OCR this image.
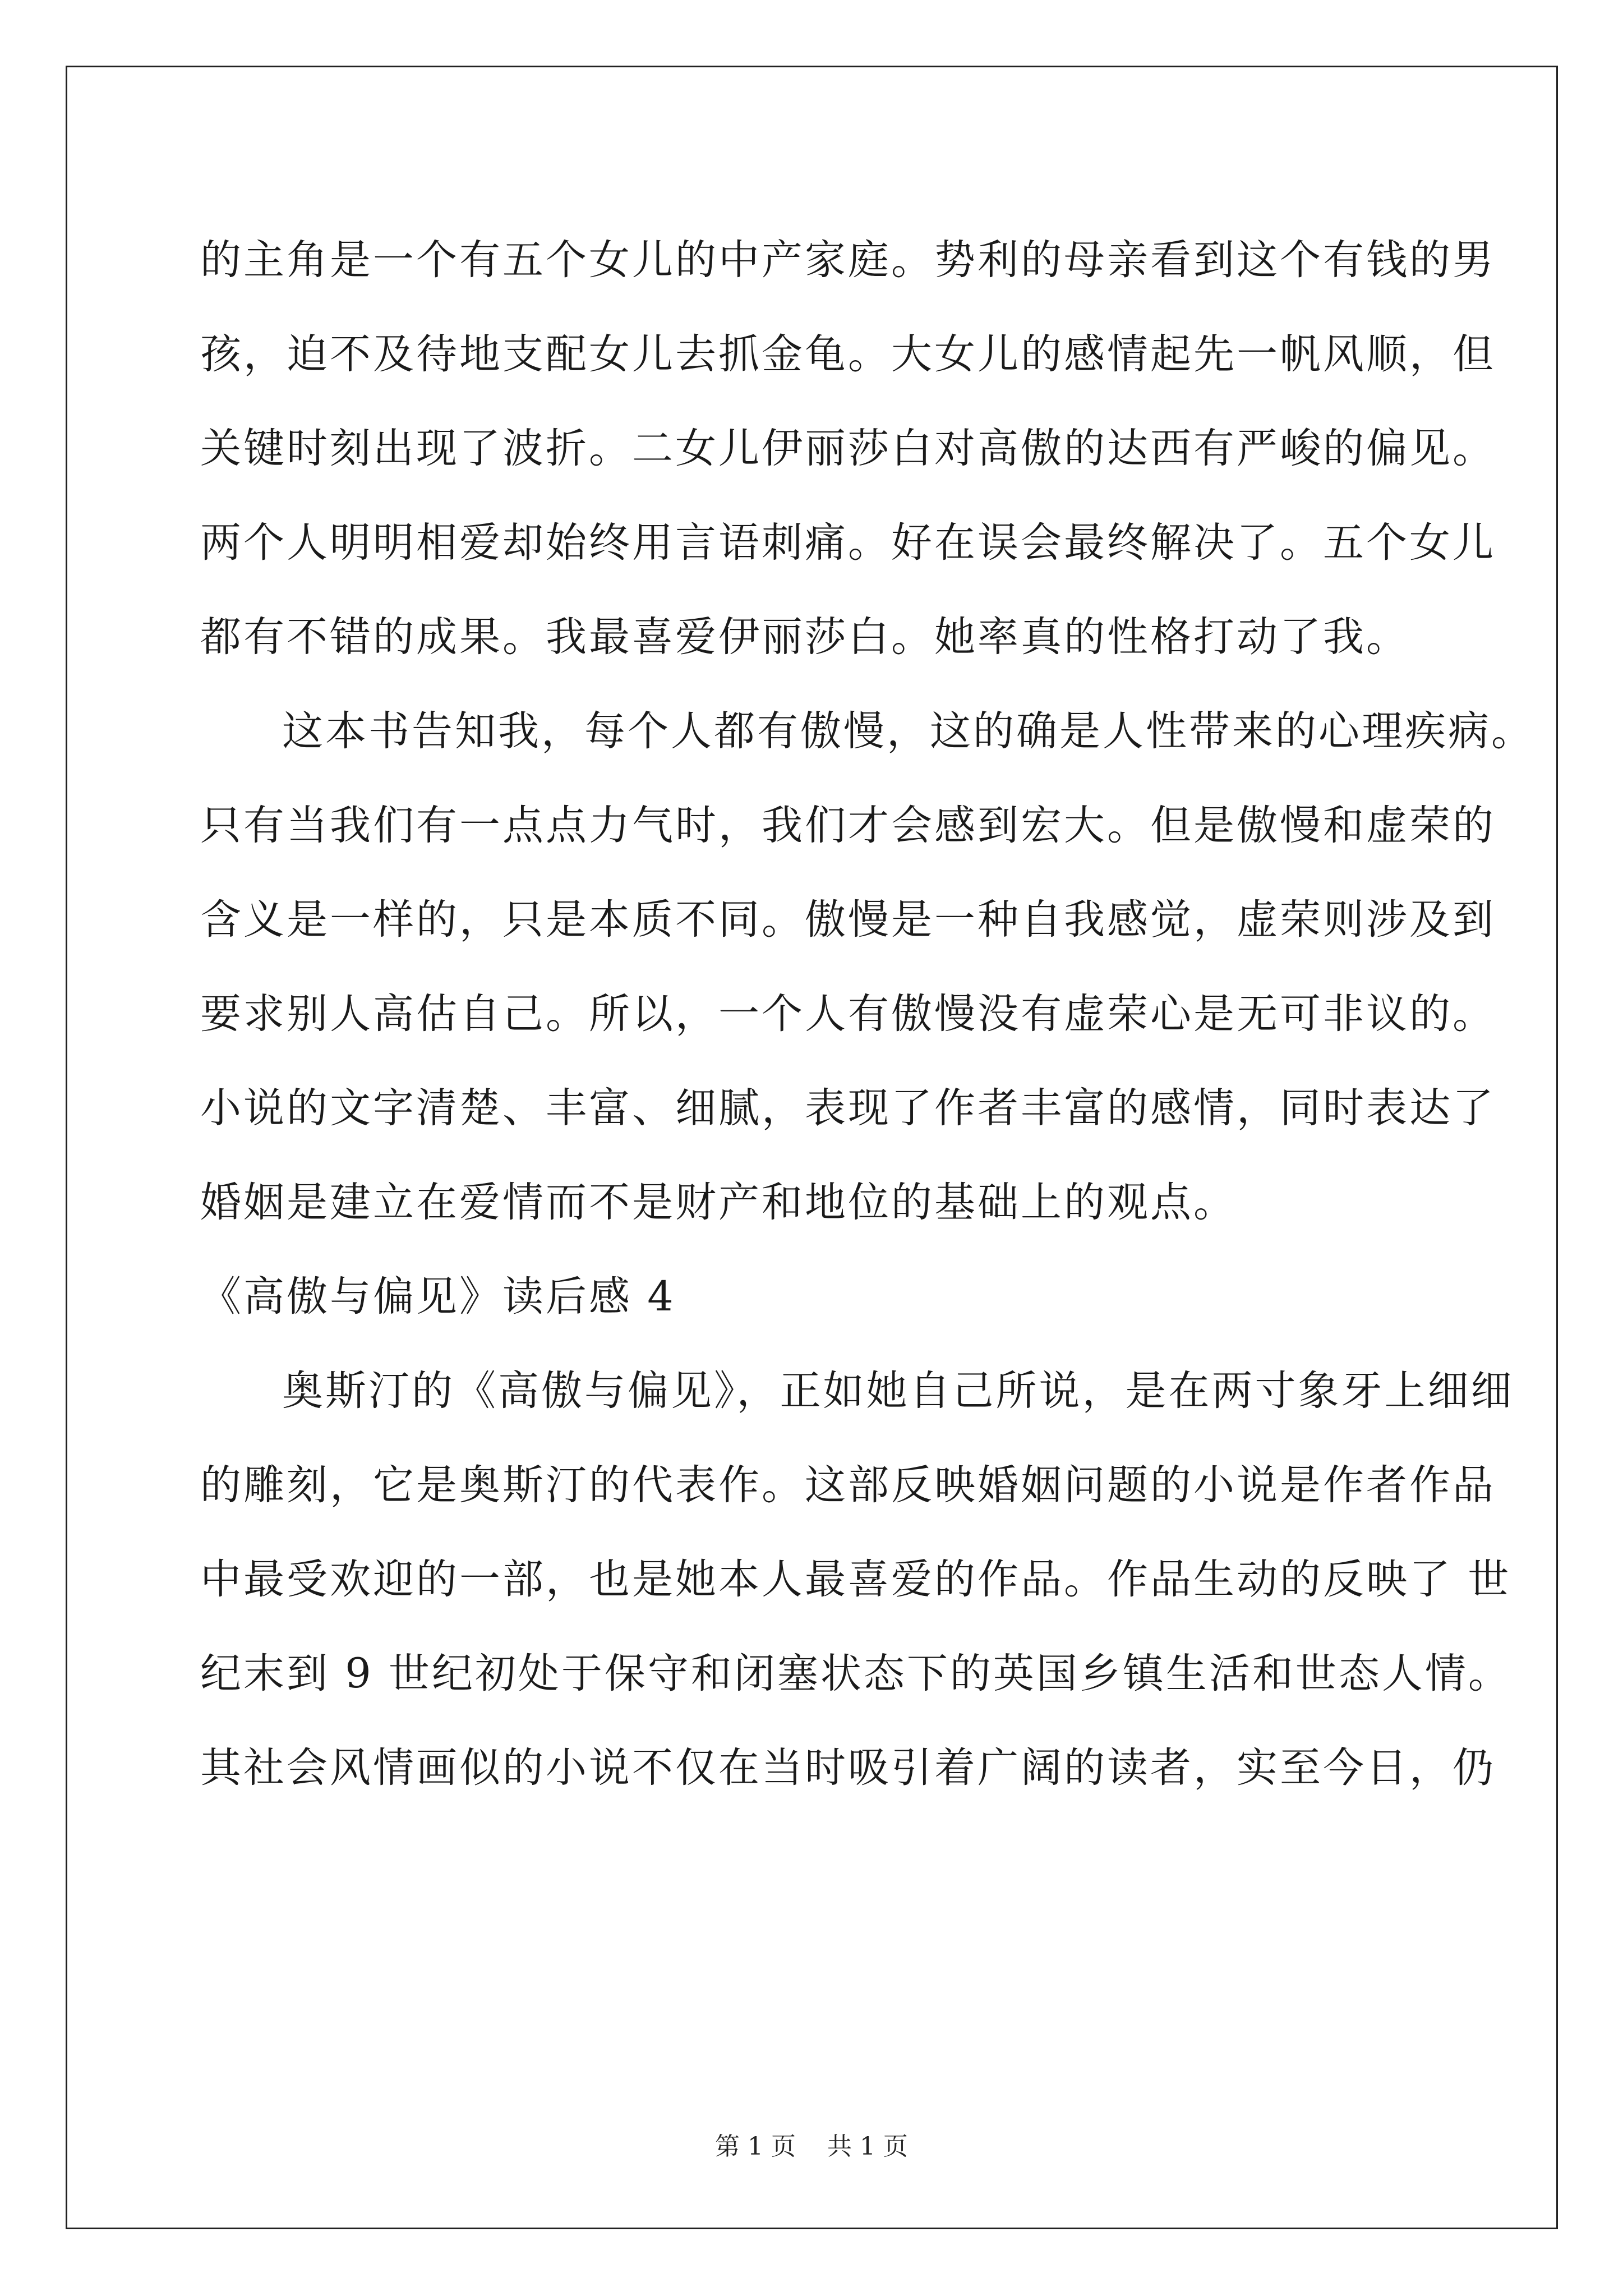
的主角是一个有五个女儿的中产家庭。势利的母亲看到这个有钱的男
孩，迫不及待地支配女儿去抓金龟。大女儿的感情起先一帆风顺，但
关键时刻出现了波折。二女儿伊丽莎白对高傲的达西有严峻的偏见。
两个人明明相爱却始终用言语刺痛。好在误会最终解决了。五个女儿
都有不错的成果。我最喜爱伊丽莎白。她率真的性格打动了我。
这本书告知我，每个人都有傲慢，这的确是人性带来的心理疾病。
只有当我们有一点点力气时，我们才会感到宏大。但是傲慢和虚荣的
含义是一样的，只是本质不同。傲慢是一种自我感觉，虚荣则涉及到
要求别人高估自己。所以，一个人有傲慢没有虚荣心是无可非议的。
小说的文字清楚、丰富、细腻，表现了作者丰富的感情，同时表达了
婚姻是建立在爱情而不是财产和地位的基础上的观点。
《高傲与偏见》读后感 4
奥斯汀的《高傲与偏见》，正如她自己所说，是在两寸象牙上细细
的雕刻，它是奥斯汀的代表作。这部反映婚姻问题的小说是作者作品
中最受欢迎的一部，也是她本人最喜爱的作品。作品生动的反映了 世
纪末到 9 世纪初处于保守和闭塞状态下的英国乡镇生活和世态人情。
其社会风情画似的小说不仅在当时吸引着广阔的读者，实至今日，仍
第 1 页    共 1 页
